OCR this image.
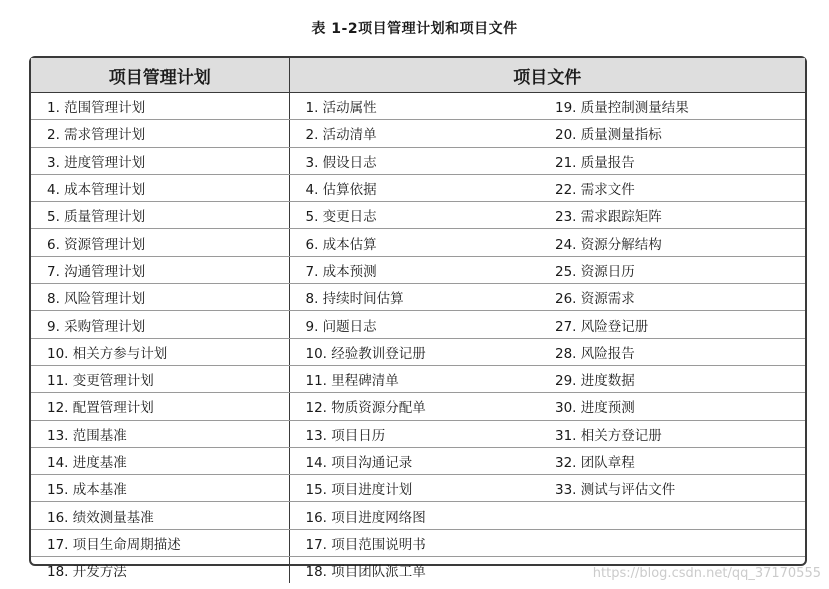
表 1-2项目管理计划和项目文件
项目管理计划	项目文件	
1. 范围管理计划	1. 活动属性	19. 质量控制测量结果
2. 需求管理计划	2. 活动清单	20. 质量测量指标
3. 进度管理计划	3. 假设日志	21. 质量报告
4. 成本管理计划	4. 估算依据	22. 需求文件
5. 质量管理计划	5. 变更日志	23. 需求跟踪矩阵
6. 资源管理计划	6. 成本估算	24. 资源分解结构
7. 沟通管理计划	7. 成本预测	25. 资源日历
8. 风险管理计划	8. 持续时间估算	26. 资源需求
9. 采购管理计划	9. 问题日志	27. 风险登记册
10. 相关方参与计划	10. 经验教训登记册	28. 风险报告
11. 变更管理计划	11. 里程碑清单	29. 进度数据
12. 配置管理计划	12. 物质资源分配单	30. 进度预测
13. 范围基准	13. 项目日历	31. 相关方登记册
14. 进度基准	14. 项目沟通记录	32. 团队章程
15. 成本基准	15. 项目进度计划	33. 测试与评估文件
16. 绩效测量基准	16. 项目进度网络图	
17. 项目生命周期描述	17. 项目范围说明书	
18. 开发方法	18. 项目团队派工单		https://blog.csdn.net/qq_37170555
